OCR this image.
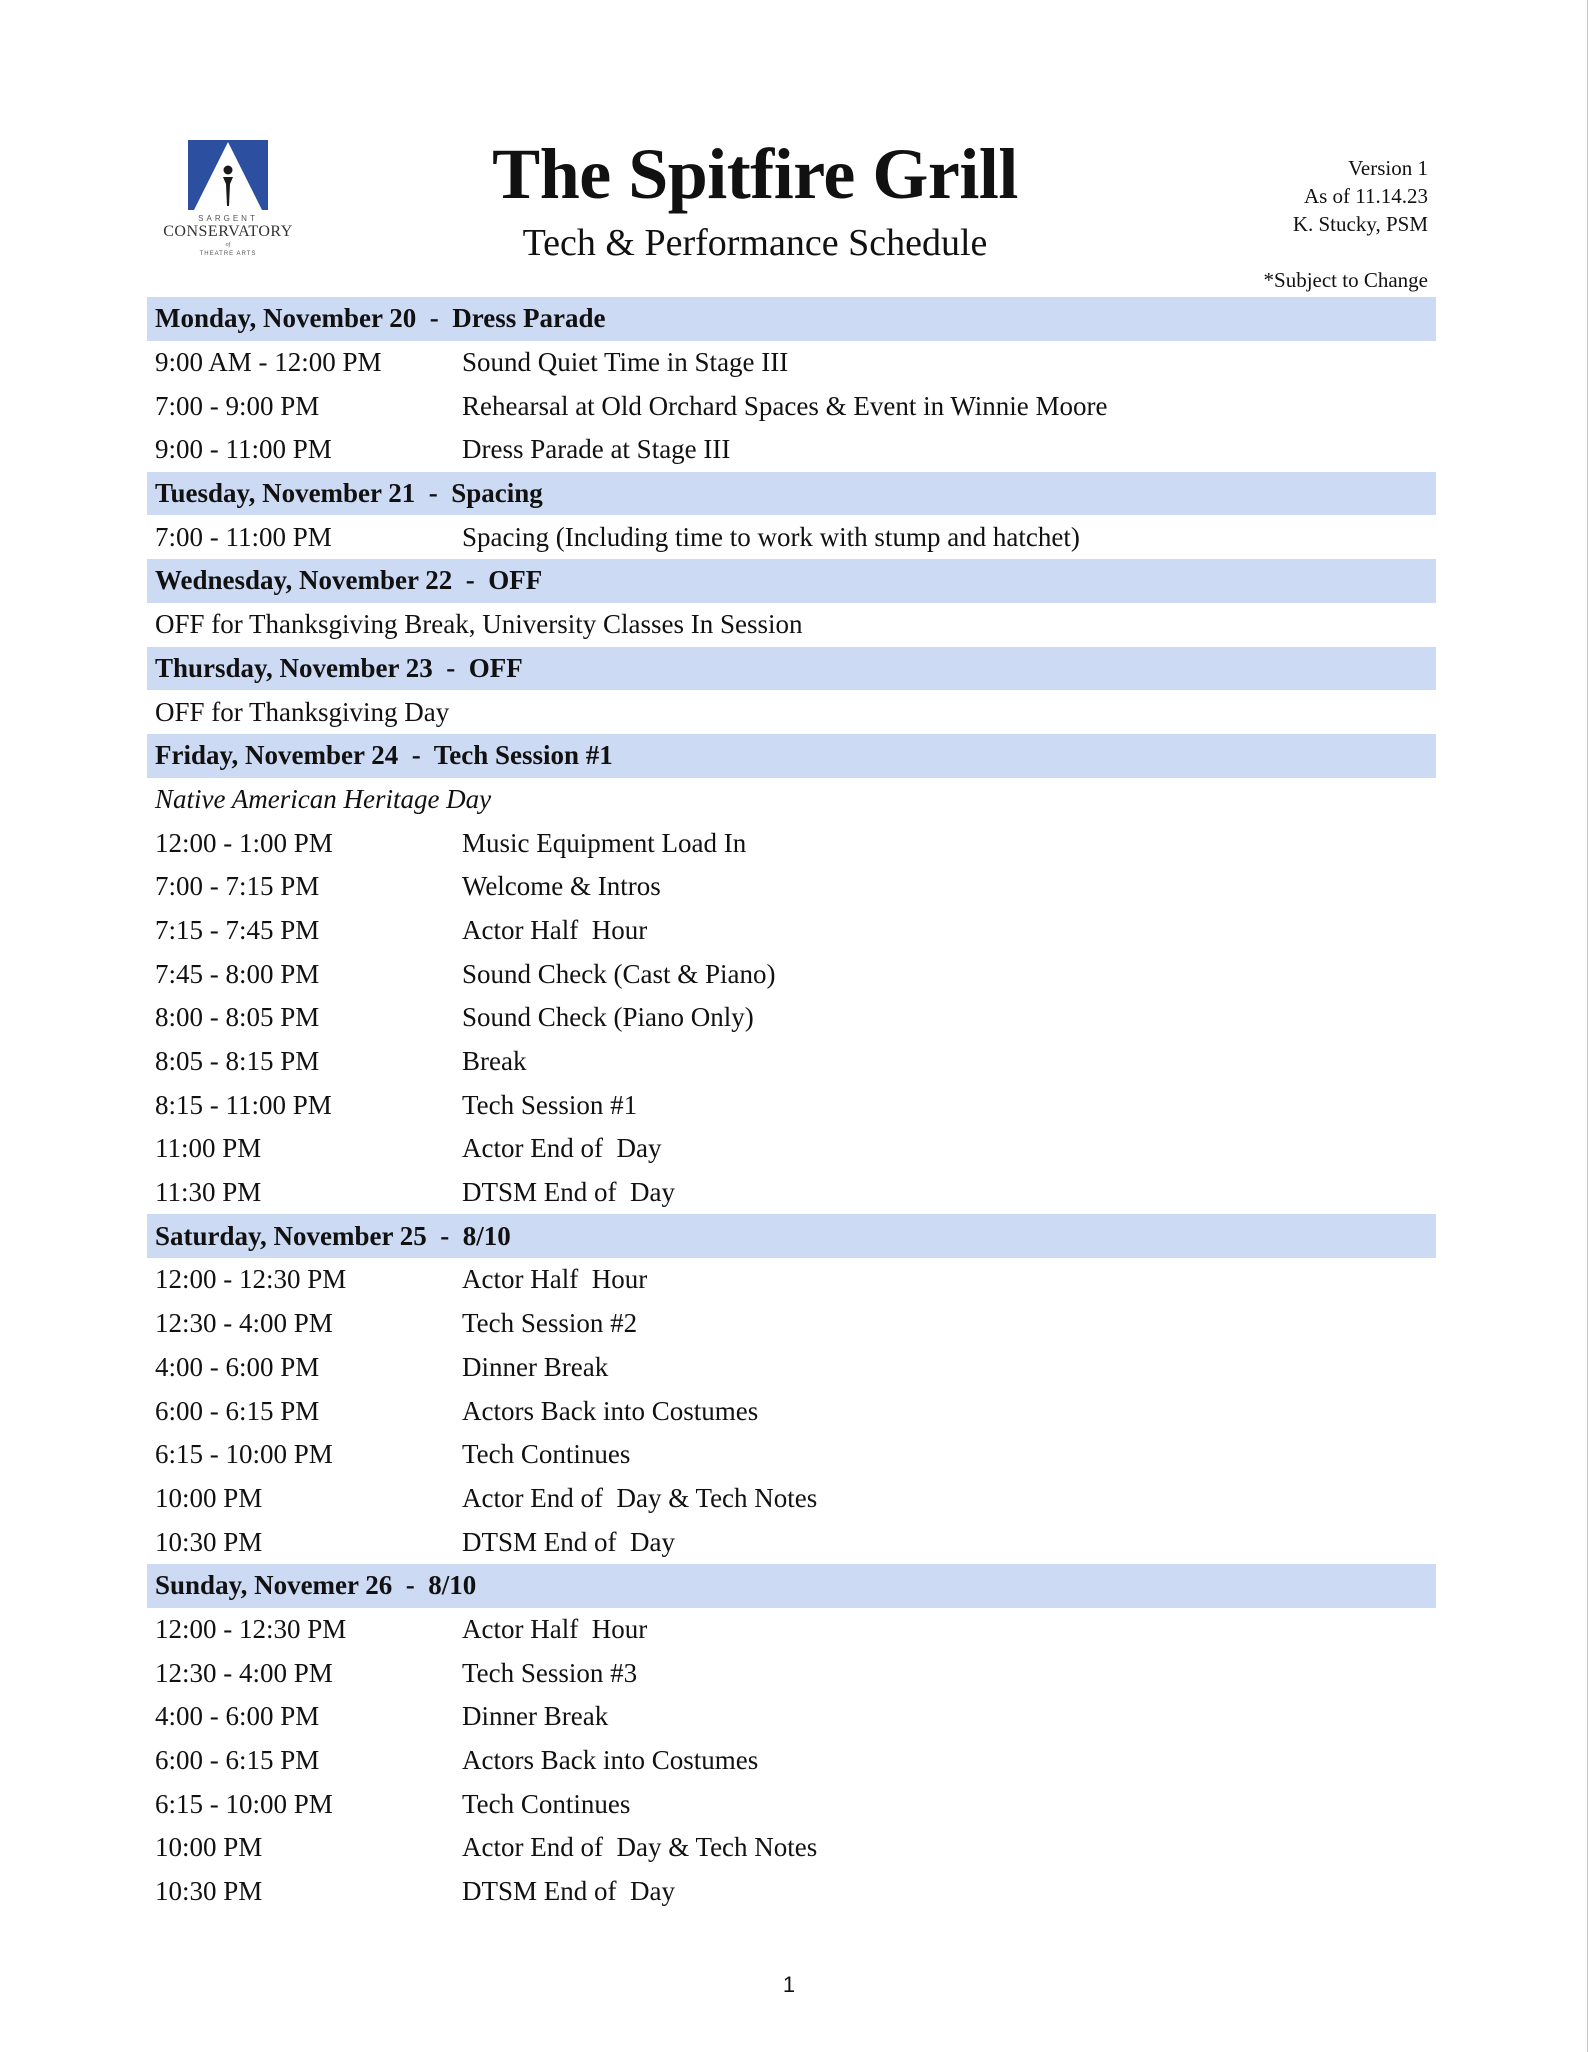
SARGENT
CONSERVATORY
of
THEATRE ARTS
The Spitfire Grill
Tech & Performance Schedule
Version 1
As of 11.14.23
K. Stucky, PSM
*Subject to Change
Monday, November 20  -  Dress Parade
9:00 AM - 12:00 PM	Sound Quiet Time in Stage III
7:00 - 9:00 PM	Rehearsal at Old Orchard Spaces & Event in Winnie Moore
9:00 - 11:00 PM	Dress Parade at Stage III
Tuesday, November 21  -  Spacing
7:00 - 11:00 PM	Spacing (Including time to work with stump and hatchet)
Wednesday, November 22  -  OFF
OFF for Thanksgiving Break, University Classes In Session
Thursday, November 23  -  OFF
OFF for Thanksgiving Day
Friday, November 24  -  Tech Session #1
Native American Heritage Day
12:00 - 1:00 PM	Music Equipment Load In
7:00 - 7:15 PM	Welcome & Intros
7:15 - 7:45 PM	Actor Half  Hour
7:45 - 8:00 PM	Sound Check (Cast & Piano)
8:00 - 8:05 PM	Sound Check (Piano Only)
8:05 - 8:15 PM	Break
8:15 - 11:00 PM	Tech Session #1
11:00 PM	Actor End of  Day
11:30 PM	DTSM End of  Day
Saturday, November 25  -  8/10
12:00 - 12:30 PM	Actor Half  Hour
12:30 - 4:00 PM	Tech Session #2
4:00 - 6:00 PM	Dinner Break
6:00 - 6:15 PM	Actors Back into Costumes
6:15 - 10:00 PM	Tech Continues
10:00 PM	Actor End of  Day & Tech Notes
10:30 PM	DTSM End of  Day
Sunday, Novemer 26  -  8/10
12:00 - 12:30 PM	Actor Half  Hour
12:30 - 4:00 PM	Tech Session #3
4:00 - 6:00 PM	Dinner Break
6:00 - 6:15 PM	Actors Back into Costumes
6:15 - 10:00 PM	Tech Continues
10:00 PM	Actor End of  Day & Tech Notes
10:30 PM	DTSM End of  Day
1
